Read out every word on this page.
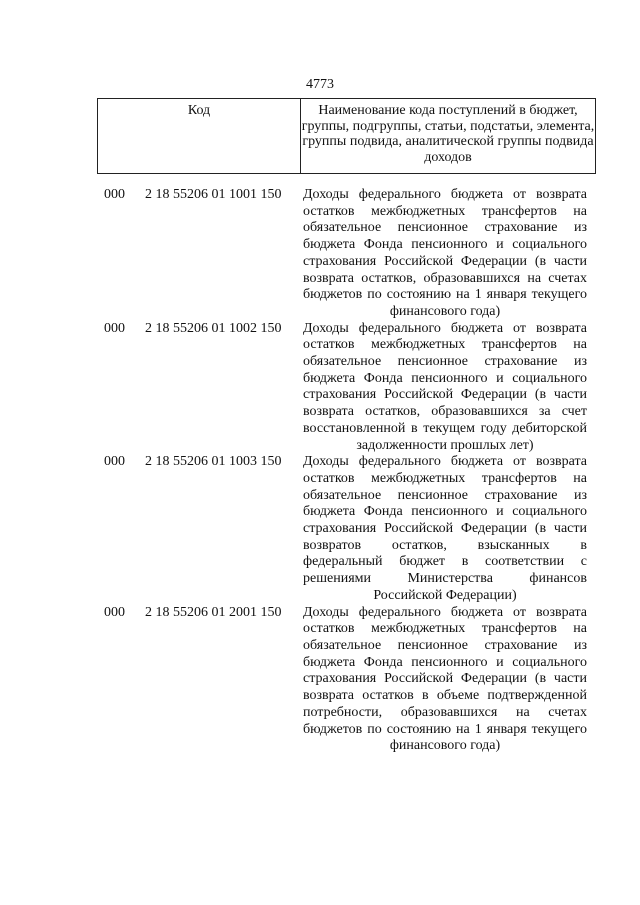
4773
Код	Наименование кода поступлений в бюджет, группы, подгруппы, статьи, подстатьи, элемента, группы подвида, аналитической группы подвида доходов
000 2 18 55206 01 1001 150 Доходы федерального бюджета от возврата остатков межбюджетных трансфертов на обязательное пенсионное страхование из бюджета Фонда пенсионного и социального страхования Российской Федерации (в части возврата остатков, образовавшихся на счетах бюджетов по состоянию на 1 января текущего финансового года)
000 2 18 55206 01 1002 150 Доходы федерального бюджета от возврата остатков межбюджетных трансфертов на обязательное пенсионное страхование из бюджета Фонда пенсионного и социального страхования Российской Федерации (в части возврата остатков, образовавшихся за счет восстановленной в текущем году дебиторской задолженности прошлых лет)
000 2 18 55206 01 1003 150 Доходы федерального бюджета от возврата остатков межбюджетных трансфертов на обязательное пенсионное страхование из бюджета Фонда пенсионного и социального страхования Российской Федерации (в части возвратов остатков, взысканных в федеральный бюджет в соответствии с решениями Министерства финансов Российской Федерации)
000 2 18 55206 01 2001 150 Доходы федерального бюджета от возврата остатков межбюджетных трансфертов на обязательное пенсионное страхование из бюджета Фонда пенсионного и социального страхования Российской Федерации (в части возврата остатков в объеме подтвержденной потребности, образовавшихся на счетах бюджетов по состоянию на 1 января текущего финансового года)
